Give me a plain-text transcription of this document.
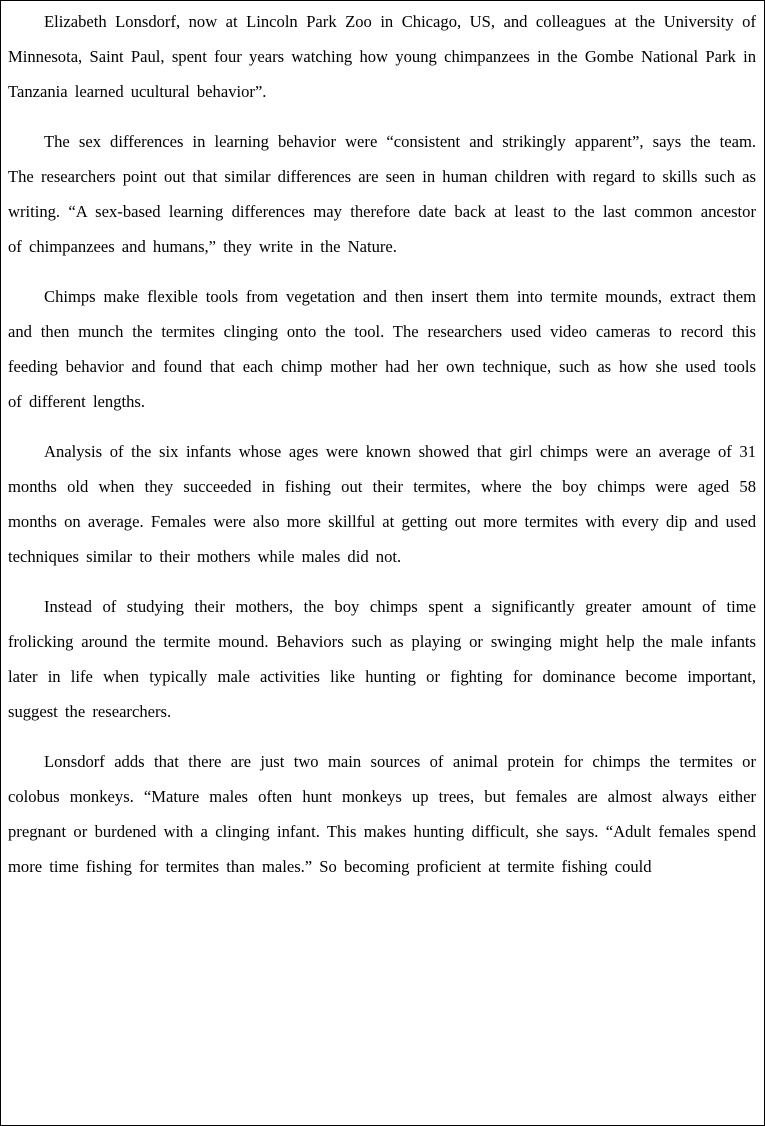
Elizabeth Lonsdorf, now at Lincoln Park Zoo in Chicago, US, and colleagues at the University of Minnesota, Saint Paul, spent four years watching how young chimpanzees in the Gombe National Park in Tanzania learned ucultural behavior”.

The sex differences in learning behavior were “consistent and strikingly apparent”, says the team. The researchers point out that similar differences are seen in human children with regard to skills such as writing. “A sex-based learning differences may therefore date back at least to the last common ancestor of chimpanzees and humans,” they write in the Nature.

Chimps make flexible tools from vegetation and then insert them into termite mounds, extract them and then munch the termites clinging onto the tool. The researchers used video cameras to record this feeding behavior and found that each chimp mother had her own technique, such as how she used tools of different lengths.

Analysis of the six infants whose ages were known showed that girl chimps were an average of 31 months old when they succeeded in fishing out their termites, where the boy chimps were aged 58 months on average. Females were also more skillful at getting out more termites with every dip and used techniques similar to their mothers while males did not.

Instead of studying their mothers, the boy chimps spent a significantly greater amount of time frolicking around the termite mound. Behaviors such as playing or swinging might help the male infants later in life when typically male activities like hunting or fighting for dominance become important, suggest the researchers.

Lonsdorf adds that there are just two main sources of animal protein for chimps the termites or colobus monkeys. “Mature males often hunt monkeys up trees, but females are almost always either pregnant or burdened with a clinging infant. This makes hunting difficult, she says. “Adult females spend more time fishing for termites than males.” So becoming proficient at termite fishing could
